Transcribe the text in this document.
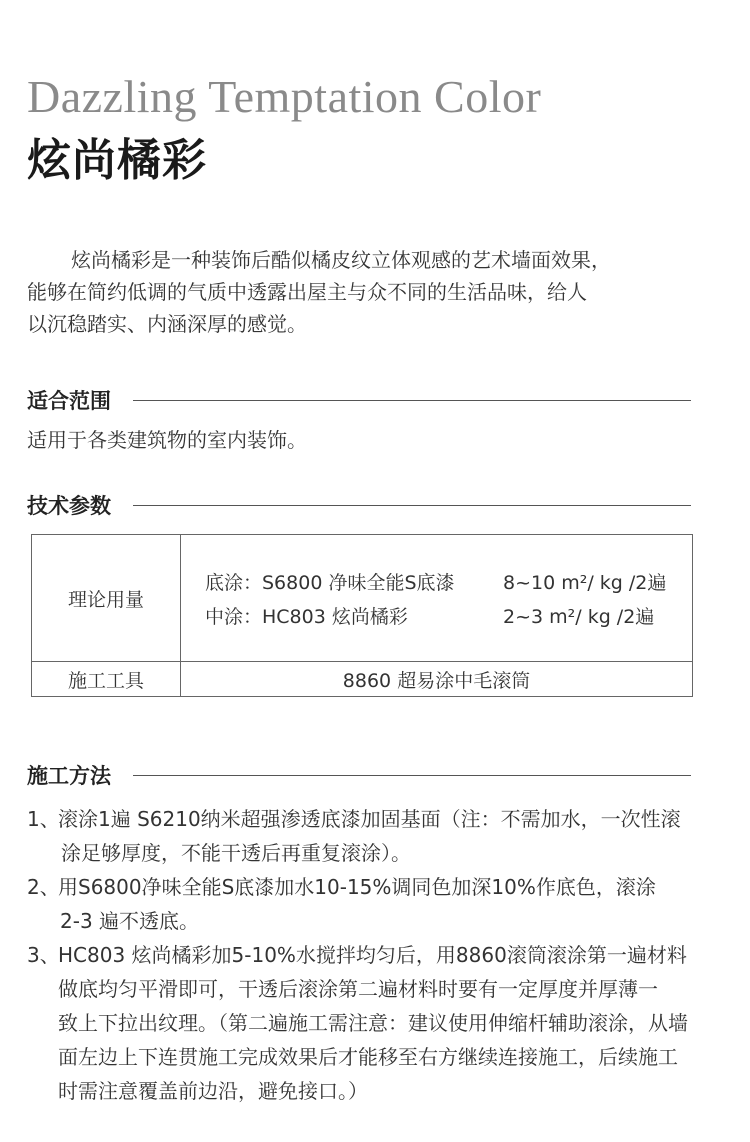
Dazzling Temptation Color
炫尚橘彩

炫尚橘彩是一种装饰后酷似橘皮纹立体观感的艺术墙面效果，

能够在简约低调的气质中透露出屋主与众不同的生活品味，给人

以沉稳踏实、内涵深厚的感觉。

适合范围
适用于各类建筑物的室内装饰。
技术参数
理论用量	底涂：S6800 净味全能S底漆 8~10 m²/ kg /2遍
中涂：HC803 炫尚橘彩 2~3 m²/ kg /2遍

施工工具	8860 超易涂中毛滚筒
施工方法
1、
滚涂1遍 S6210纳米超强渗透底漆加固基面（注：不需加水，一次性滚
涂足够厚度，不能干透后再重复滚涂）。
2、
用S6800净味全能S底漆加水10-15%调同色加深10%作底色，滚涂
2-3 遍不透底。
3、
HC803 炫尚橘彩加5-10%水搅拌均匀后，用8860滚筒滚涂第一遍材料
做底均匀平滑即可，干透后滚涂第二遍材料时要有一定厚度并厚薄一
致上下拉出纹理。（第二遍施工需注意：建议使用伸缩杆辅助滚涂，从墙
面左边上下连贯施工完成效果后才能移至右方继续连接施工，后续施工
时需注意覆盖前边沿，避免接口。）
